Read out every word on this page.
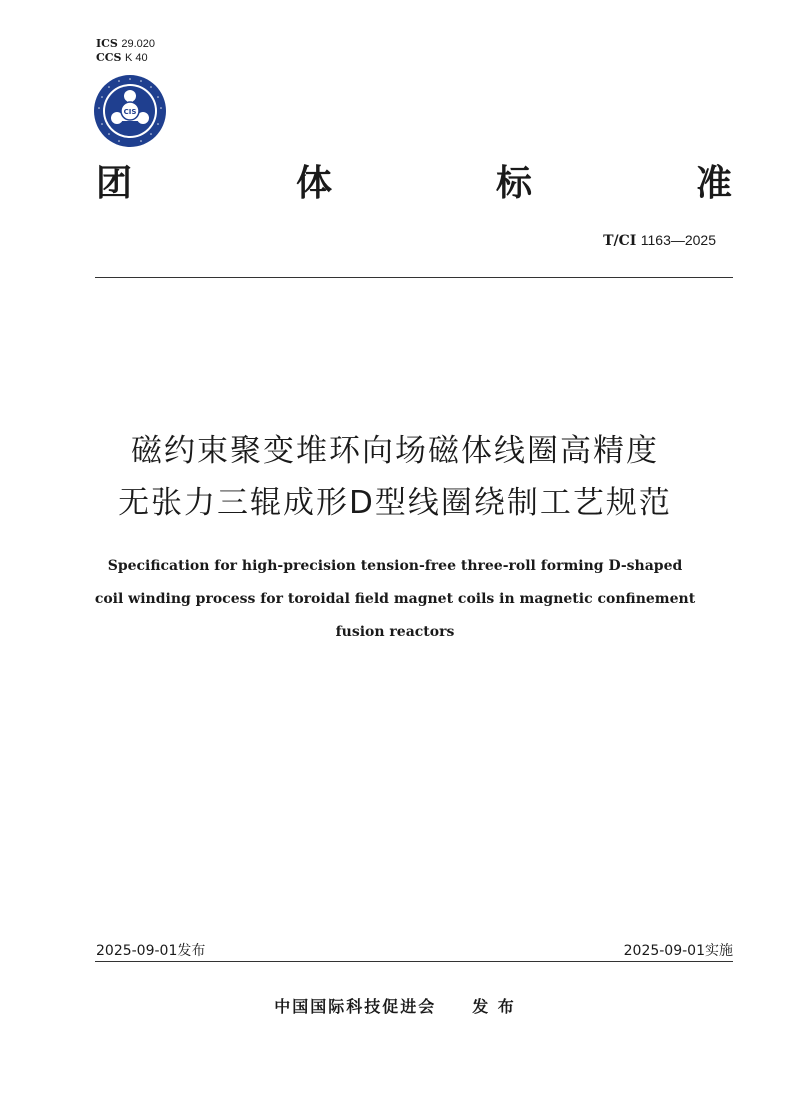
ICS 29.020
CCS K 40
CIS
团	体	标	准
T/CI 1163—2025
磁约束聚变堆环向场磁体线圈高精度
无张力三辊成形D型线圈绕制工艺规范
Specification for high-precision tension-free three-roll forming D-shaped
coil winding process for toroidal field magnet coils in magnetic confinement
fusion reactors
2025-09-01发布	2025-09-01实施
中国国际科技促进会 发 布
